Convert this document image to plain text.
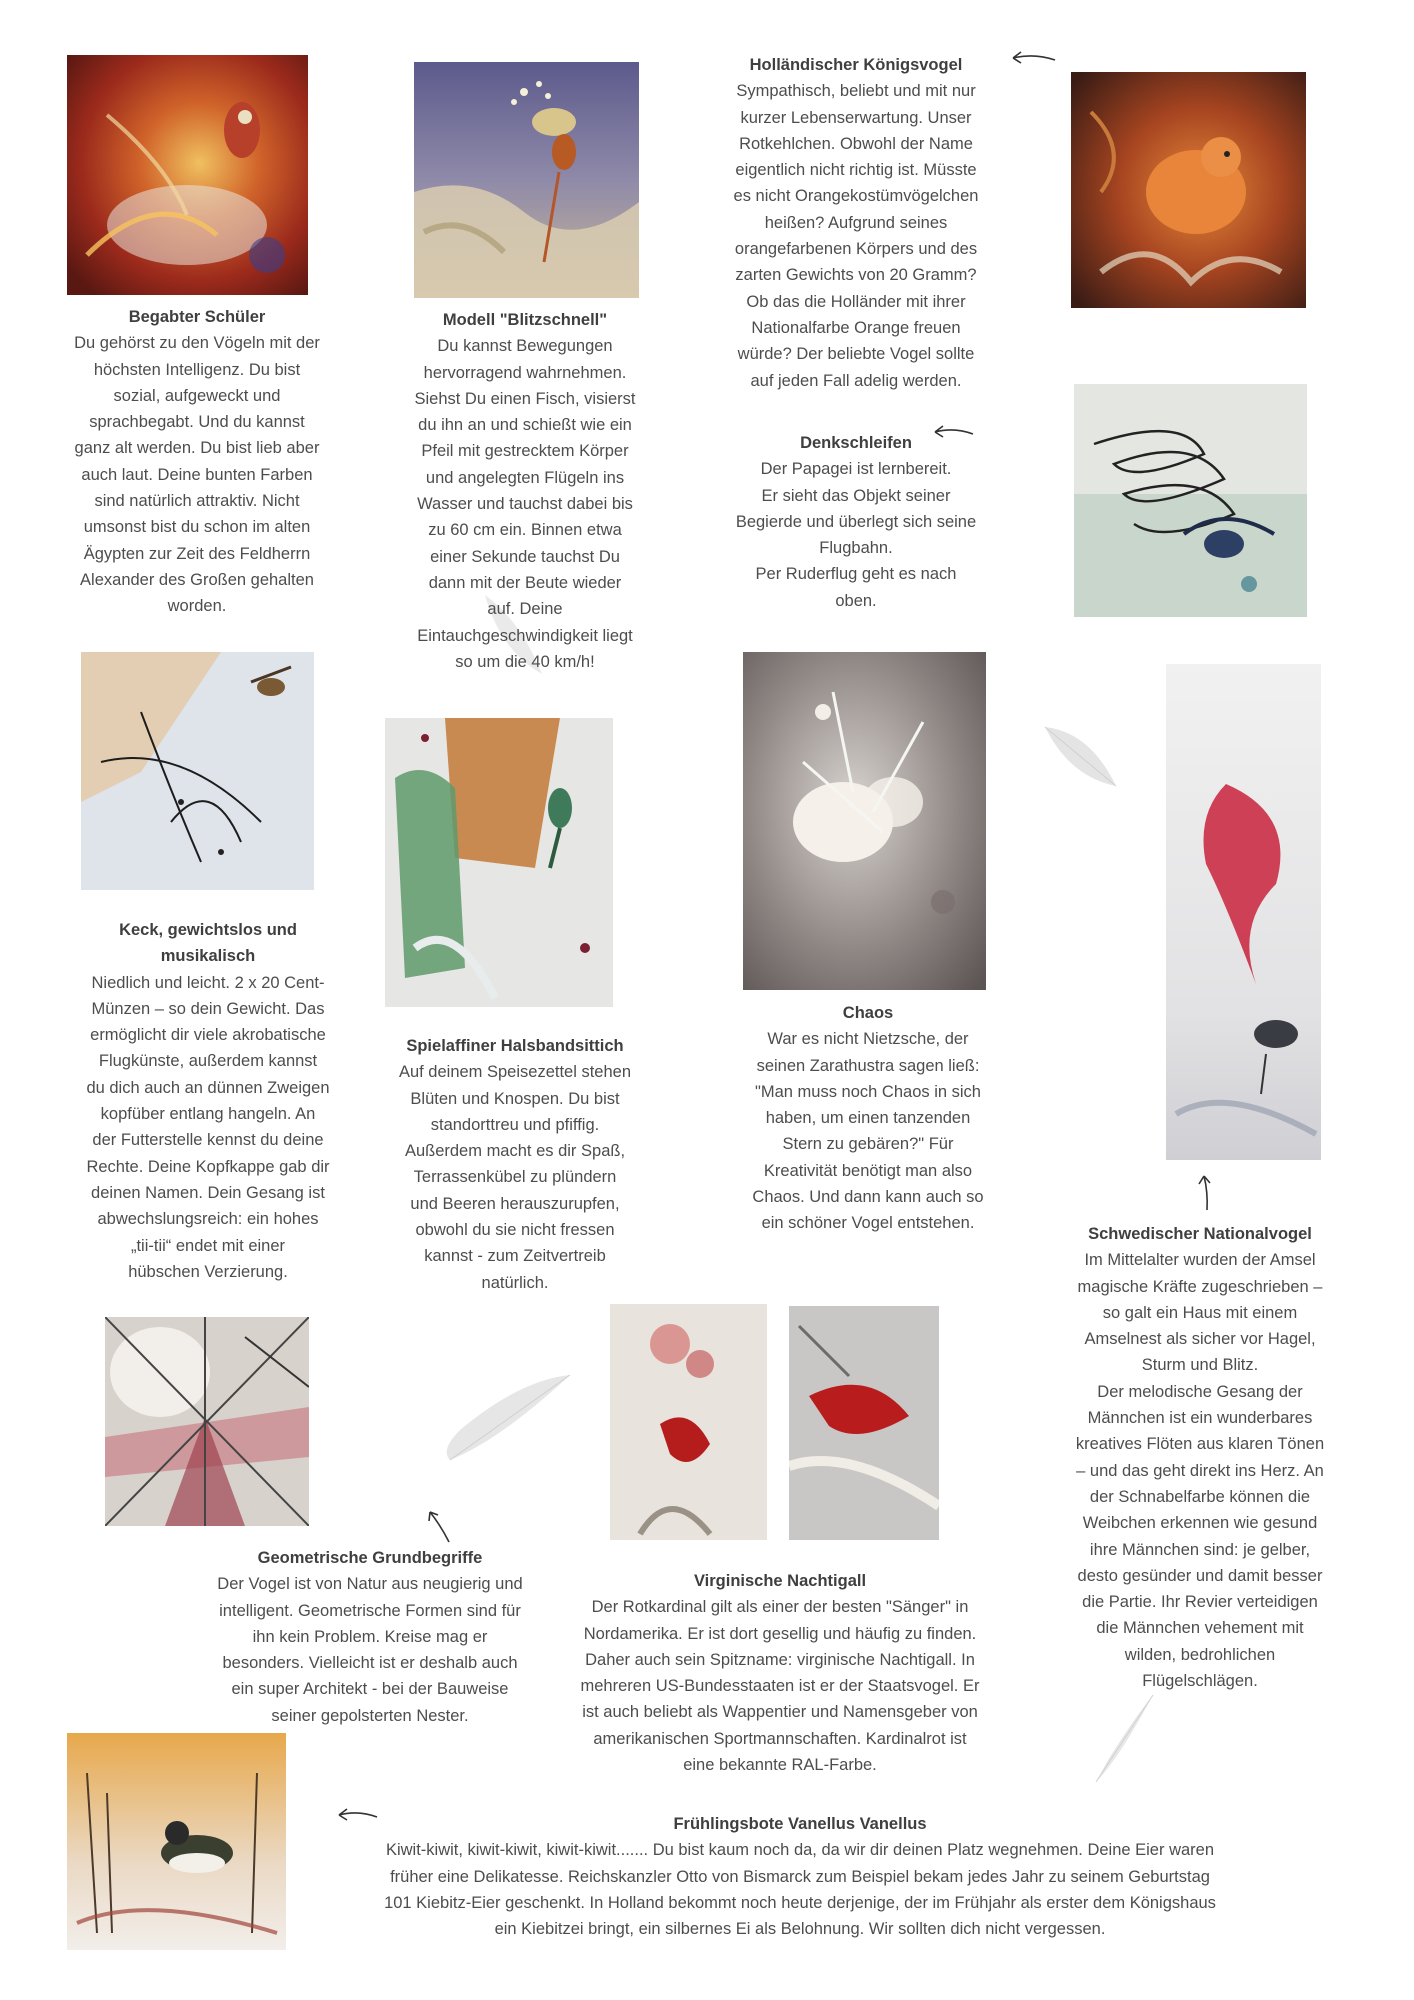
Begabter Schüler

Du gehörst zu den Vögeln mit der
höchsten Intelligenz. Du bist
sozial, aufgeweckt und
sprachbegabt. Und du kannst
ganz alt werden. Du bist lieb aber
auch laut. Deine bunten Farben
sind natürlich attraktiv. Nicht
umsonst bist du schon im alten
Ägypten zur Zeit des Feldherrn
Alexander des Großen gehalten
worden.

Modell "Blitzschnell"

Du kannst Bewegungen
hervorragend wahrnehmen.
Siehst Du einen Fisch, visierst
du ihn an und schießt wie ein
Pfeil mit gestrecktem Körper
und angelegten Flügeln ins
Wasser und tauchst dabei bis
zu 60 cm ein. Binnen etwa
einer Sekunde tauchst Du
dann mit der Beute wieder
auf. Deine
Eintauchgeschwindigkeit liegt
so um die 40 km/h!

Holländischer Königsvogel

Sympathisch, beliebt und mit nur
kurzer Lebenserwartung. Unser
Rotkehlchen. Obwohl der Name
eigentlich nicht richtig ist. Müsste
es nicht Orangekostümvögelchen
heißen? Aufgrund seines
orangefarbenen Körpers und des
zarten Gewichts von 20 Gramm?
Ob das die Holländer mit ihrer
Nationalfarbe Orange freuen
würde? Der beliebte Vogel sollte
auf jeden Fall adelig werden.

Denkschleifen

Der Papagei ist lernbereit.
Er sieht das Objekt seiner
Begierde und überlegt sich seine
Flugbahn.
Per Ruderflug geht es nach
oben.

Keck, gewichtslos und
musikalisch

Niedlich und leicht. 2 x 20 Cent-
Münzen – so dein Gewicht. Das
ermöglicht dir viele akrobatische
Flugkünste, außerdem kannst
du dich auch an dünnen Zweigen
kopfüber entlang hangeln. An
der Futterstelle kennst du deine
Rechte. Deine Kopfkappe gab dir
deinen Namen. Dein Gesang ist
abwechslungsreich: ein hohes
„tii-tii“ endet mit einer
hübschen Verzierung.

Spielaffiner Halsbandsittich

Auf deinem Speisezettel stehen
Blüten und Knospen. Du bist
standorttreu und pfiffig.
Außerdem macht es dir Spaß,
Terrassenkübel zu plündern
und Beeren herauszurupfen,
obwohl du sie nicht fressen
kannst - zum Zeitvertreib
natürlich.

Chaos

War es nicht Nietzsche, der
seinen Zarathustra sagen ließ:
"Man muss noch Chaos in sich
haben, um einen tanzenden
Stern zu gebären?" Für
Kreativität benötigt man also
Chaos. Und dann kann auch so
ein schöner Vogel entstehen.

Schwedischer Nationalvogel

Im Mittelalter wurden der Amsel
magische Kräfte zugeschrieben –
so galt ein Haus mit einem
Amselnest als sicher vor Hagel,
Sturm und Blitz.
Der melodische Gesang der
Männchen ist ein wunderbares
kreatives Flöten aus klaren Tönen
– und das geht direkt ins Herz. An
der Schnabelfarbe können die
Weibchen erkennen wie gesund
ihre Männchen sind: je gelber,
desto gesünder und damit besser
die Partie. Ihr Revier verteidigen
die Männchen vehement mit
wilden, bedrohlichen
Flügelschlägen.

Geometrische Grundbegriffe

Der Vogel ist von Natur aus neugierig und
intelligent. Geometrische Formen sind für
ihn kein Problem. Kreise mag er
besonders. Vielleicht ist er deshalb auch
ein super Architekt - bei der Bauweise
seiner gepolsterten Nester.

Virginische Nachtigall

Der Rotkardinal gilt als einer der besten "Sänger" in
Nordamerika. Er ist dort gesellig und häufig zu finden.
Daher auch sein Spitzname: virginische Nachtigall. In
mehreren US-Bundesstaaten ist er der Staatsvogel. Er
ist auch beliebt als Wappentier und Namensgeber von
amerikanischen Sportmannschaften. Kardinalrot ist
eine bekannte RAL-Farbe.

Frühlingsbote Vanellus Vanellus

Kiwit-kiwit, kiwit-kiwit, kiwit-kiwit....... Du bist kaum noch da, da wir dir deinen Platz wegnehmen. Deine Eier waren
früher eine Delikatesse. Reichskanzler Otto von Bismarck zum Beispiel bekam jedes Jahr zu seinem Geburtstag
101 Kiebitz-Eier geschenkt. In Holland bekommt noch heute derjenige, der im Frühjahr als erster dem Königshaus
ein Kiebitzei bringt, ein silbernes Ei als Belohnung. Wir sollten dich nicht vergessen.
